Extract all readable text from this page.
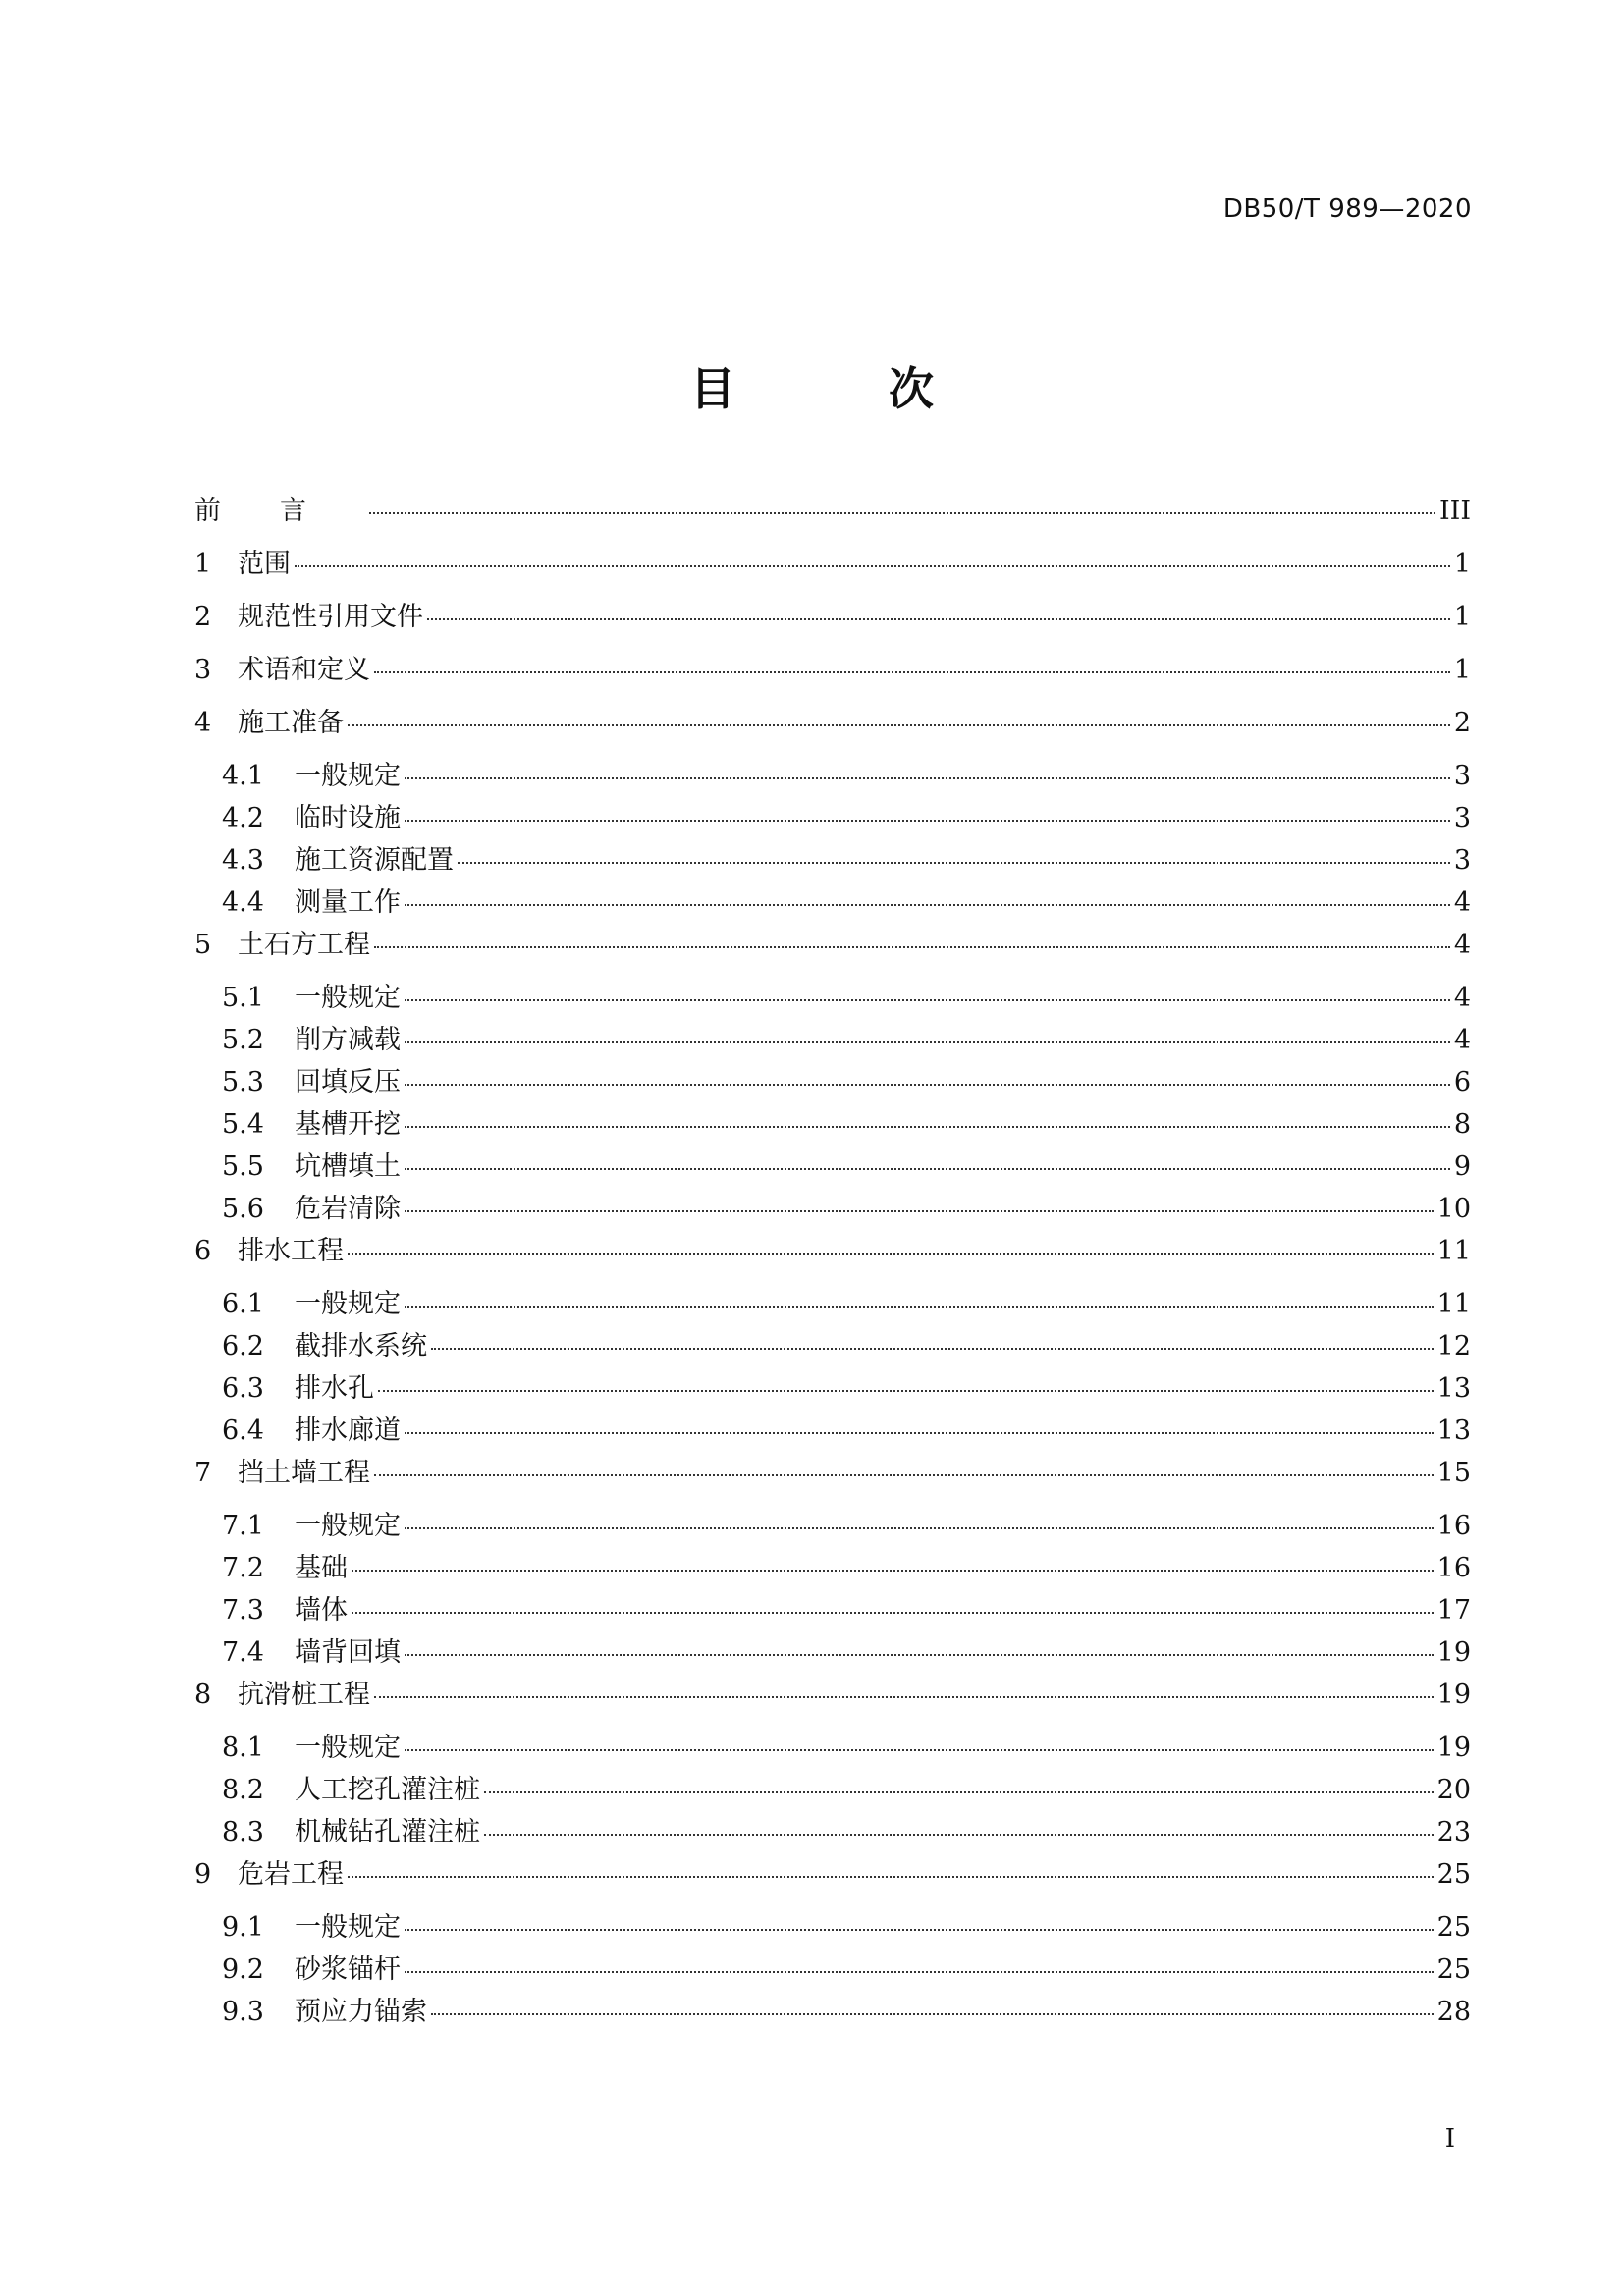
DB50/T 989—2020
目 次
前言	III
1 范围	1
2 规范性引用文件	1
3 术语和定义	1
4 施工准备	2
4.1	一般规定	3
4.2	临时设施	3
4.3	施工资源配置	3
4.4	测量工作	4
5 土石方工程	4
5.1	一般规定	4
5.2	削方减载	4
5.3	回填反压	6
5.4	基槽开挖	8
5.5	坑槽填土	9
5.6	危岩清除	10
6 排水工程	11
6.1	一般规定	11
6.2	截排水系统	12
6.3	排水孔	13
6.4	排水廊道	13
7 挡土墙工程	15
7.1	一般规定	16
7.2	基础	16
7.3	墙体	17
7.4	墙背回填	19
8 抗滑桩工程	19
8.1	一般规定	19
8.2	人工挖孔灌注桩	20
8.3	机械钻孔灌注桩	23
9 危岩工程	25
9.1	一般规定	25
9.2	砂浆锚杆	25
9.3	预应力锚索	28
I
